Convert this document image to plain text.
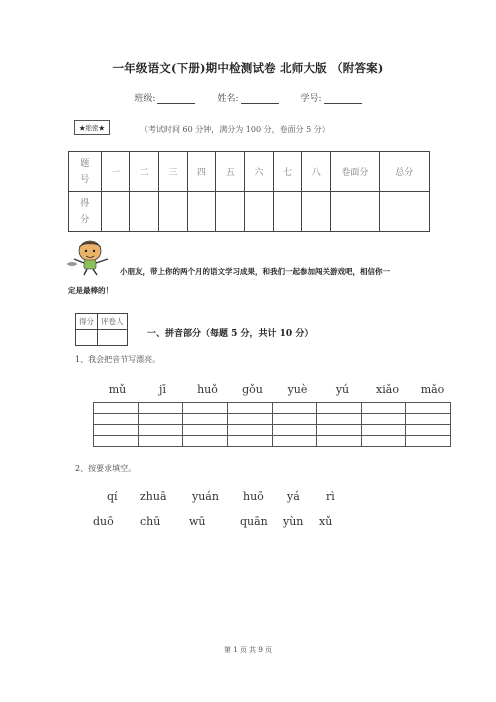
一年级语文(下册)期中检测试卷 北师大版 （附答案)
班级:	姓名:	学号:
★绝密★	（考试时间 60 分钟，满分为 100 分，卷面分 5 分）
题号	一	二	三	四	五	六	七	八	卷面分	总分
得分										
小朋友，带上你的两个月的语文学习成果，和我们一起参加闯关游戏吧，相信你一
定是最棒的！
得分	评卷人

一、拼音部分（每题 5 分，共计 10 分）
1、我会把音节写漂亮。
mǔ	jī	huǒ	gǒu	yuè	yú	xiǎo	mǎo

2、按要求填空。
qí zhuā yuán huō yá rì
duō chū	wū	quān yùn xǔ
第 1 页 共 9 页
